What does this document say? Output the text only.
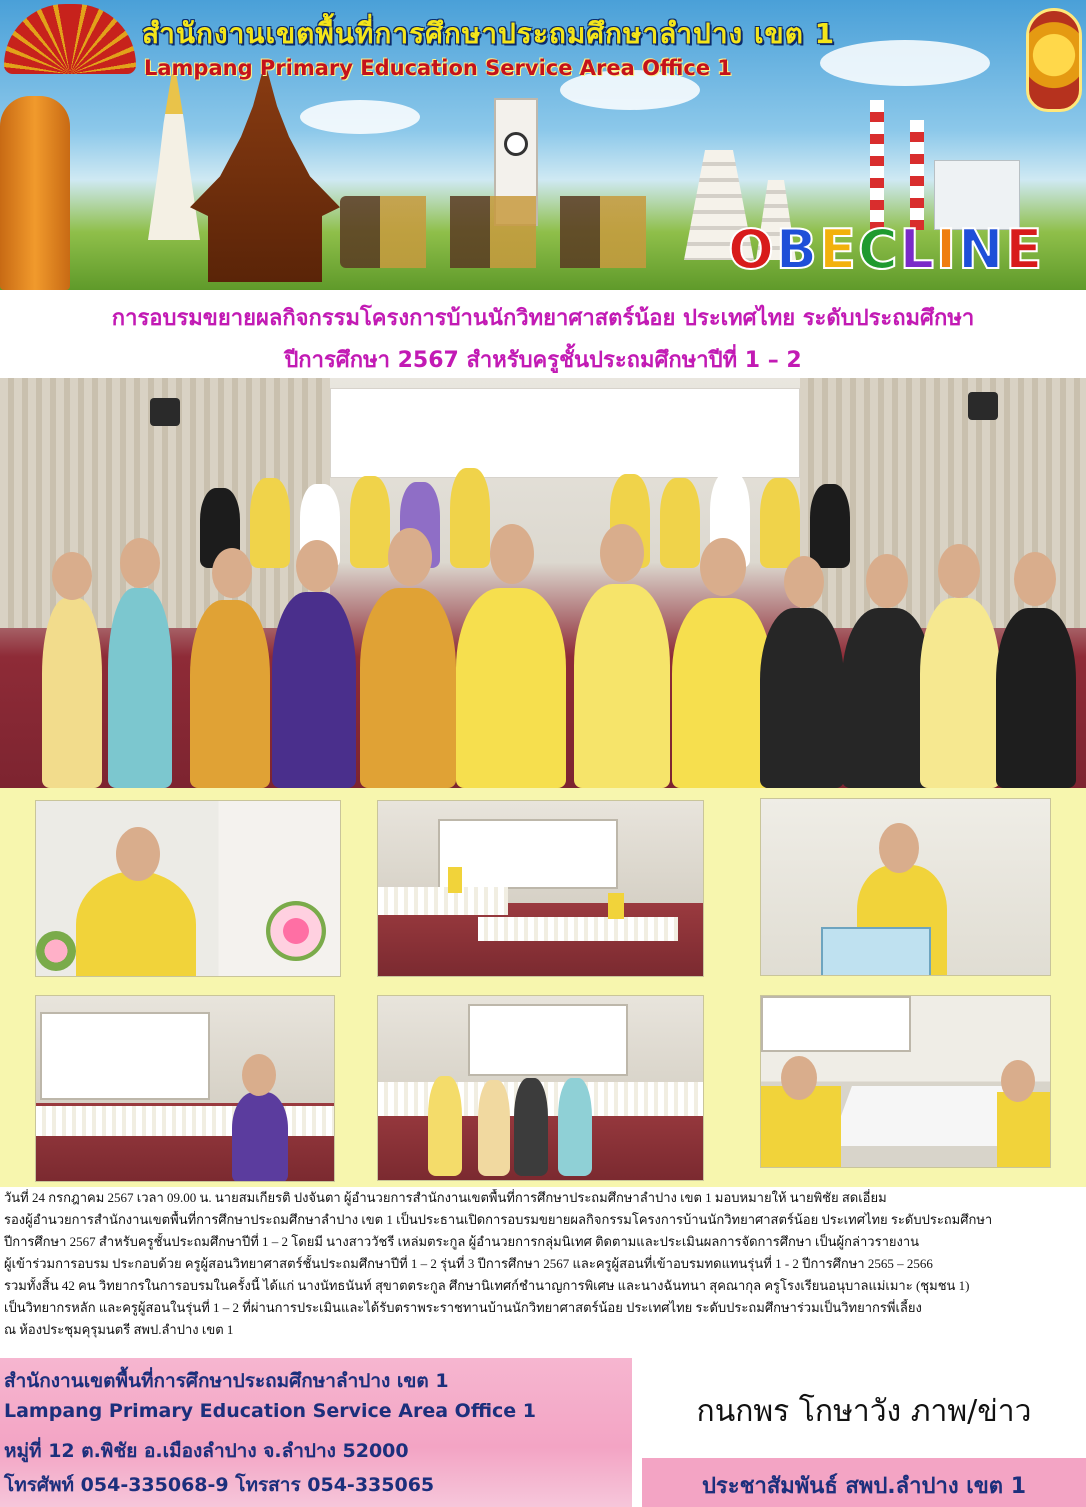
สำนักงานเขตพื้นที่การศึกษาประถมศึกษาลำปาง เขต 1
Lampang Primary Education Service Area Office 1
OBECLINE
การอบรมขยายผลกิจกรรมโครงการบ้านนักวิทยาศาสตร์น้อย ประเทศไทย ระดับประถมศึกษา
ปีการศึกษา 2567 สำหรับครูชั้นประถมศึกษาปีที่ 1 – 2
วันที่ 24 กรกฎาคม 2567 เวลา 09.00 น. นายสมเกียรติ ปงจันตา ผู้อำนวยการสำนักงานเขตพื้นที่การศึกษาประถมศึกษาลำปาง เขต 1 มอบหมายให้ นายพิชัย สดเอี่ยม
รองผู้อำนวยการสำนักงานเขตพื้นที่การศึกษาประถมศึกษาลำปาง เขต 1 เป็นประธานเปิดการอบรมขยายผลกิจกรรมโครงการบ้านนักวิทยาศาสตร์น้อย ประเทศไทย ระดับประถมศึกษา
ปีการศึกษา 2567 สำหรับครูชั้นประถมศึกษาปีที่ 1 – 2 โดยมี นางสาววัชรี เหล่มตระกูล ผู้อำนวยการกลุ่มนิเทศ ติดตามและประเมินผลการจัดการศึกษา เป็นผู้กล่าวรายงาน
ผู้เข้าร่วมการอบรม ประกอบด้วย ครูผู้สอนวิทยาศาสตร์ชั้นประถมศึกษาปีที่ 1 – 2 รุ่นที่ 3 ปีการศึกษา 2567 และครูผู้สอนที่เข้าอบรมทดแทนรุ่นที่ 1 - 2 ปีการศึกษา 2565 – 2566
รวมทั้งสิ้น 42 คน วิทยากรในการอบรมในครั้งนี้ ได้แก่ นางนัทธนันท์ สุขาตตระกูล ศึกษานิเทศก์ชำนาญการพิเศษ และนางฉันทนา สุคณากุล ครูโรงเรียนอนุบาลแม่เมาะ (ชุมชน 1)
เป็นวิทยากรหลัก และครูผู้สอนในรุ่นที่ 1 – 2 ที่ผ่านการประเมินและได้รับตราพระราชทานบ้านนักวิทยาศาสตร์น้อย ประเทศไทย ระดับประถมศึกษาร่วมเป็นวิทยากรพี่เลี้ยง
ณ ห้องประชุมคุรุมนตรี สพป.ลำปาง เขต 1
สำนักงานเขตพื้นที่การศึกษาประถมศึกษาลำปาง เขต 1
Lampang Primary Education Service Area Office 1
หมู่ที่ 12 ต.พิชัย อ.เมืองลำปาง จ.ลำปาง 52000
โทรศัพท์ 054-335068-9 โทรสาร 054-335065
กนกพร โกษาวัง ภาพ/ข่าว
ประชาสัมพันธ์ สพป.ลำปาง เขต 1
